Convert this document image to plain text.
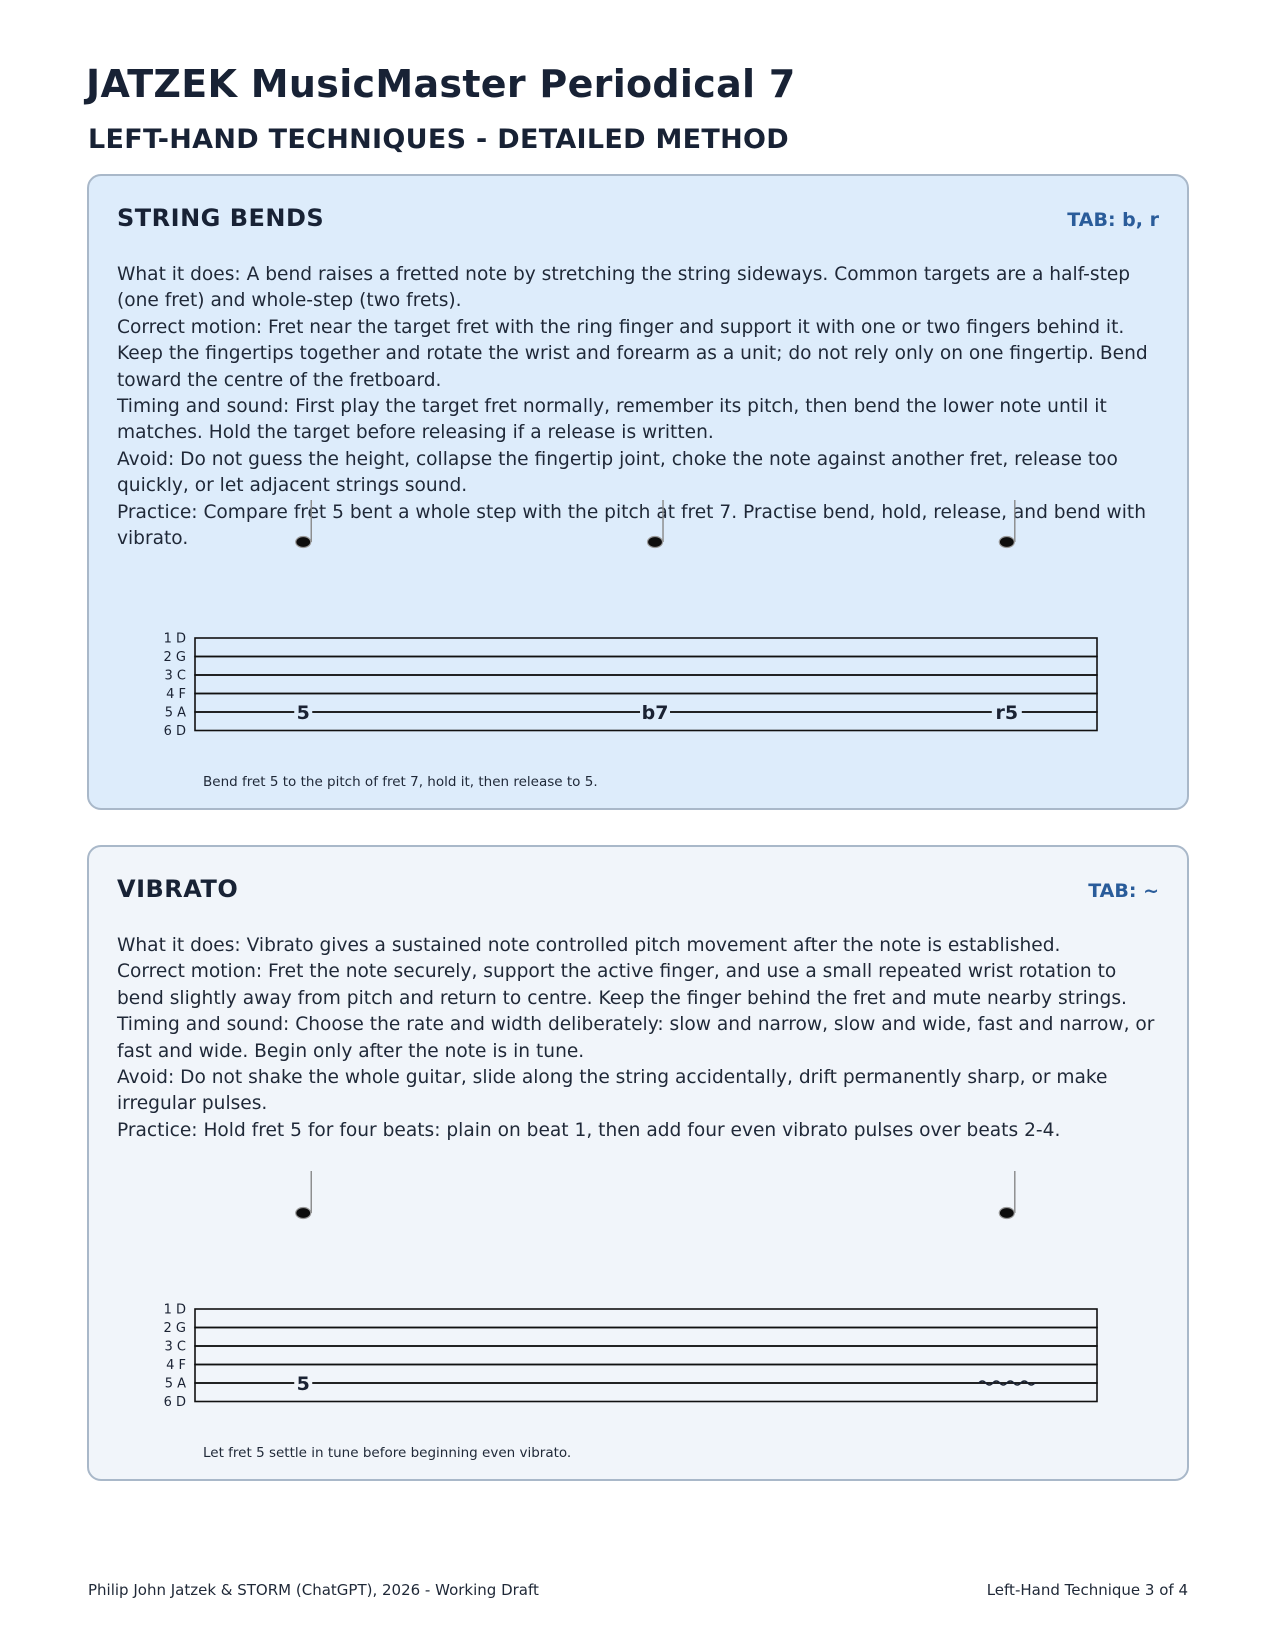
JATZEK MusicMaster Periodical 7
LEFT-HAND TECHNIQUES - DETAILED METHOD
STRING BENDS	TAB: b, r

What it does: A bend raises a fretted note by stretching the string sideways. Common targets are a half-step (one fret) and whole-step (two frets).

Correct motion: Fret near the target fret with the ring finger and support it with one or two fingers behind it. Keep the fingertips together and rotate the wrist and forearm as a unit; do not rely only on one fingertip. Bend toward the centre of the fretboard.

Timing and sound: First play the target fret normally, remember its pitch, then bend the lower note until it matches. Hold the target before releasing if a release is written.

Avoid: Do not guess the height, collapse the fingertip joint, choke the note against another fret, release too quickly, or let adjacent strings sound.

Practice: Compare fret 5 bent a whole step with the pitch at fret 7. Practise bend, hold, release, and bend with vibrato.

1 D
2 G
3 C
4 F
5 A
6 D
5	b7	r5
Bend fret 5 to the pitch of fret 7, hold it, then release to 5.
VIBRATO	TAB: ~

What it does: Vibrato gives a sustained note controlled pitch movement after the note is established.

Correct motion: Fret the note securely, support the active finger, and use a small repeated wrist rotation to bend slightly away from pitch and return to centre. Keep the finger behind the fret and mute nearby strings.

Timing and sound: Choose the rate and width deliberately: slow and narrow, slow and wide, fast and narrow, or fast and wide. Begin only after the note is in tune.

Avoid: Do not shake the whole guitar, slide along the string accidentally, drift permanently sharp, or make irregular pulses.

Practice: Hold fret 5 for four beats: plain on beat 1, then add four even vibrato pulses over beats 2-4.

1 D
2 G
3 C
4 F
5 A
6 D
5
Let fret 5 settle in tune before beginning even vibrato.
Philip John Jatzek & STORM (ChatGPT), 2026 - Working Draft	Left-Hand Technique 3 of 4
